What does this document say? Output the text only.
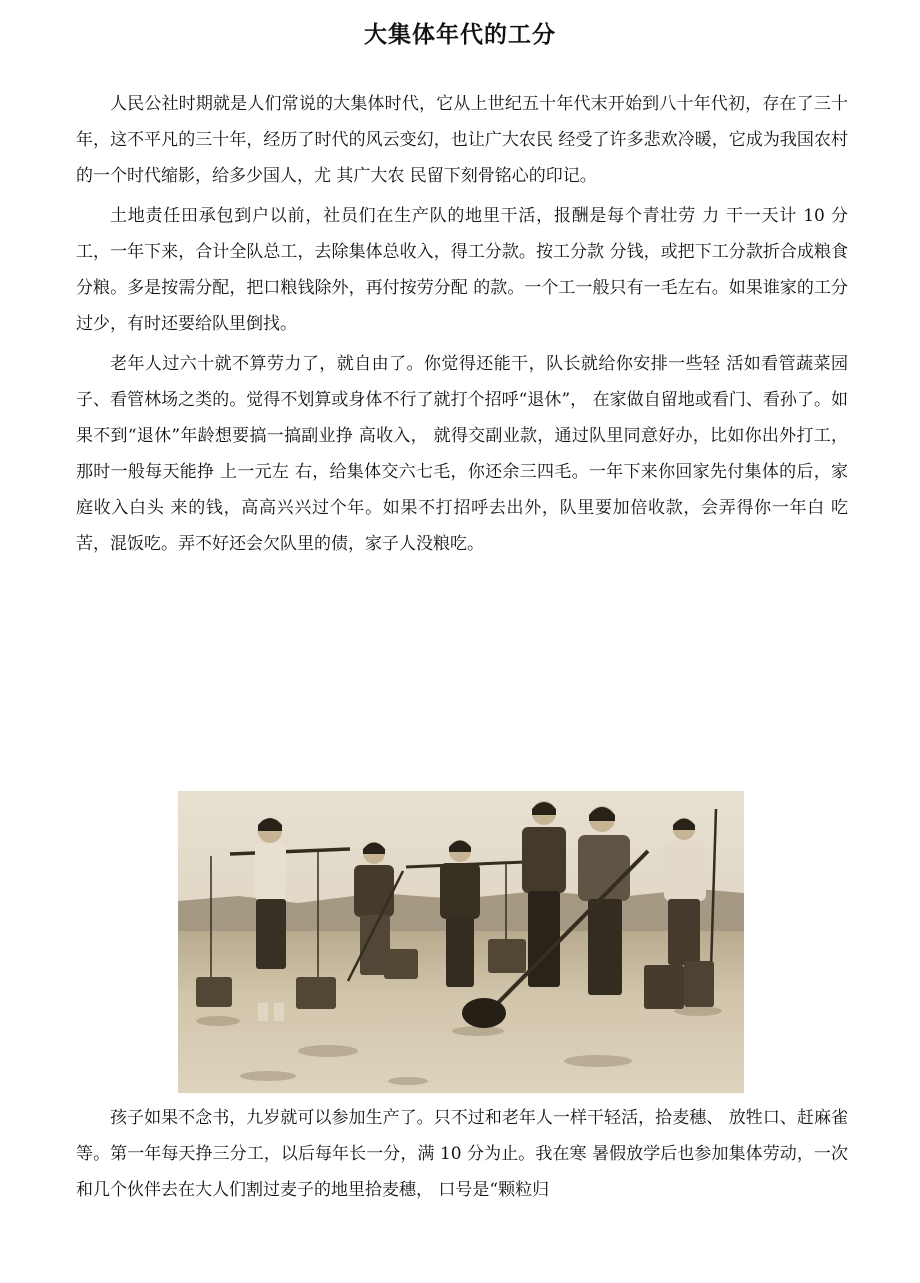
大集体年代的工分

人民公社时期就是人们常说的大集体时代，它从上世纪五十年代末开始到八十年代初，存在了三十年，这不平凡的三十年，经历了时代的风云变幻，也让广大农民 经受了许多悲欢冷暖，它成为我国农村的一个时代缩影，给多少国人，尤 其广大农 民留下刻骨铭心的印记。

土地责任田承包到户以前，社员们在生产队的地里干活，报酬是每个青壮劳 力 干一天计 10 分工，一年下来，合计全队总工，去除集体总收入，得工分款。按工分款 分钱，或把下工分款折合成粮食分粮。多是按需分配，把口粮钱除外，再付按劳分配 的款。一个工一般只有一毛左右。如果谁家的工分过少，有时还要给队里倒找。

老年人过六十就不算劳力了，就自由了。你觉得还能干，队长就给你安排一些轻 活如看管蔬菜园子、看管林场之类的。觉得不划算或身体不行了就打个招呼“退休”， 在家做自留地或看门、看孙了。如果不到“退休”年龄想要搞一搞副业挣 高收入， 就得交副业款，通过队里同意好办，比如你出外打工，那时一般每天能挣 上一元左 右，给集体交六七毛，你还余三四毛。一年下来你回家先付集体的后，家庭收入白头 来的钱，高高兴兴过个年。如果不打招呼去出外，队里要加倍收款，会弄得你一年白 吃苦，混饭吃。弄不好还会欠队里的债，家子人没粮吃。

孩子如果不念书，九岁就可以参加生产了。只不过和老年人一样干轻活，拾麦穗、 放牲口、赶麻雀等。第一年每天挣三分工，以后每年长一分，满 10 分为止。我在寒 暑假放学后也参加集体劳动，一次和几个伙伴去在大人们割过麦子的地里拾麦穗， 口号是“颗粒归
